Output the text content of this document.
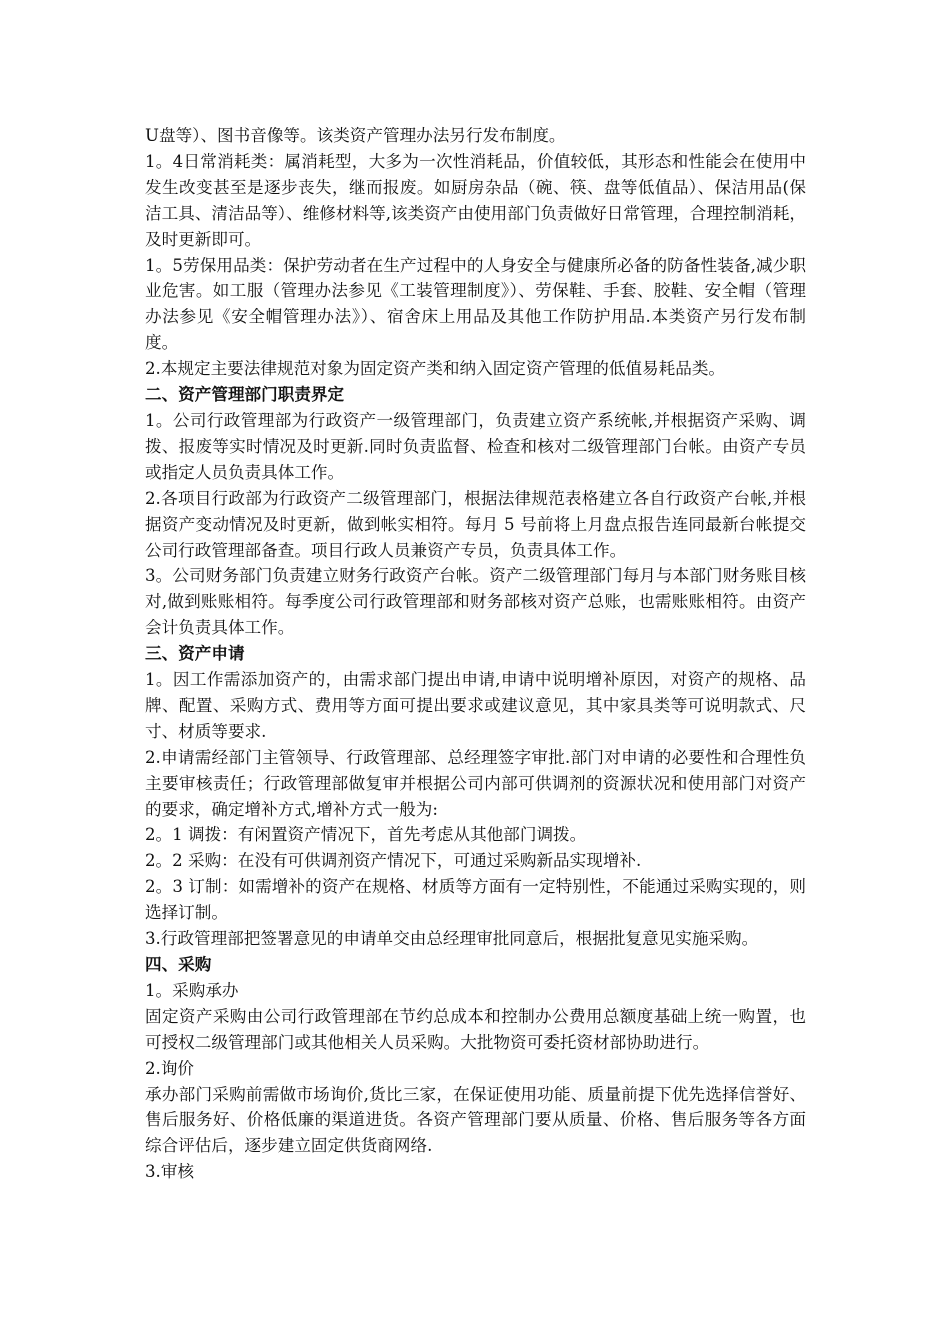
U盘等）、图书音像等。该类资产管理办法另行发布制度。

1。4日常消耗类：属消耗型，大多为一次性消耗品，价值较低，其形态和性能会在使用中发生改变甚至是逐步丧失，继而报废。如厨房杂品（碗、筷、盘等低值品）、保洁用品(保洁工具、清洁品等）、维修材料等,该类资产由使用部门负责做好日常管理，合理控制消耗，及时更新即可。

1。5劳保用品类：保护劳动者在生产过程中的人身安全与健康所必备的防备性装备,减少职业危害。如工服（管理办法参见《工装管理制度》）、劳保鞋、手套、胶鞋、安全帽（管理办法参见《安全帽管理办法》）、宿舍床上用品及其他工作防护用品.本类资产另行发布制度。

2.本规定主要法律规范对象为固定资产类和纳入固定资产管理的低值易耗品类。

二、资产管理部门职责界定

1。公司行政管理部为行政资产一级管理部门，负责建立资产系统帐,并根据资产采购、调拨、报废等实时情况及时更新.同时负责监督、检查和核对二级管理部门台帐。由资产专员或指定人员负责具体工作。

2.各项目行政部为行政资产二级管理部门，根据法律规范表格建立各自行政资产台帐,并根据资产变动情况及时更新，做到帐实相符。每月 5 号前将上月盘点报告连同最新台帐提交公司行政管理部备查。项目行政人员兼资产专员，负责具体工作。

3。公司财务部门负责建立财务行政资产台帐。资产二级管理部门每月与本部门财务账目核对,做到账账相符。每季度公司行政管理部和财务部核对资产总账，也需账账相符。由资产会计负责具体工作。

三、资产申请

1。因工作需添加资产的，由需求部门提出申请,申请中说明增补原因，对资产的规格、品牌、配置、采购方式、费用等方面可提出要求或建议意见，其中家具类等可说明款式、尺寸、材质等要求.

2.申请需经部门主管领导、行政管理部、总经理签字审批.部门对申请的必要性和合理性负主要审核责任；行政管理部做复审并根据公司内部可供调剂的资源状况和使用部门对资产的要求，确定增补方式,增补方式一般为:

2。1 调拨：有闲置资产情况下，首先考虑从其他部门调拨。

2。2 采购：在没有可供调剂资产情况下，可通过采购新品实现增补.

2。3 订制：如需增补的资产在规格、材质等方面有一定特别性，不能通过采购实现的，则选择订制。

3.行政管理部把签署意见的申请单交由总经理审批同意后，根据批复意见实施采购。

四、采购

1。采购承办

固定资产采购由公司行政管理部在节约总成本和控制办公费用总额度基础上统一购置，也可授权二级管理部门或其他相关人员采购。大批物资可委托资材部协助进行。

2.询价

承办部门采购前需做市场询价,货比三家，在保证使用功能、质量前提下优先选择信誉好、售后服务好、价格低廉的渠道进货。各资产管理部门要从质量、价格、售后服务等各方面综合评估后，逐步建立固定供货商网络.

3.审核
